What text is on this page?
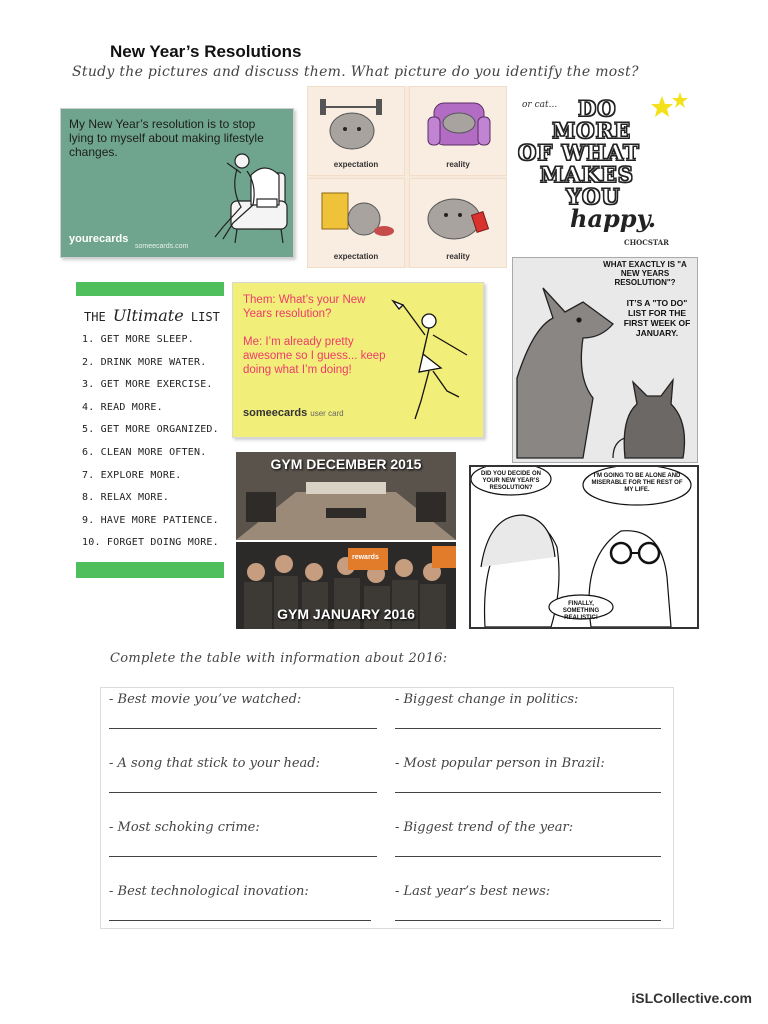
New Year’s Resolutions
Study the pictures and discuss them. What picture do you identify the most?
My New Year’s resolution is to stop lying to myself about making lifestyle changes.
yourecards
someecards.com
expectation	reality
expectation	reality
or cat... DO
MORE
OF WHAT
MAKES
YOU
happy.
CHOCSTAR
THE Ultimate LIST
1. GET MORE SLEEP.
2. DRINK MORE WATER.
3. GET MORE EXERCISE.
4. READ MORE.
5. GET MORE ORGANIZED.
6. CLEAN MORE OFTEN.
7. EXPLORE MORE.
8. RELAX MORE.
9. HAVE MORE PATIENCE.
10. FORGET DOING MORE.
Them: What’s your New Years resolution?
Me: I’m already pretty awesome so I guess... keep doing what I’m doing!
someecards user card
WHAT EXACTLY IS "A NEW YEARS RESOLUTION"?
IT’S A "TO DO" LIST FOR THE FIRST WEEK OF JANUARY.
GYM DECEMBER 2015
rewards
GYM JANUARY 2016
DID YOU DECIDE ON YOUR NEW YEAR’S RESOLUTION?
I’M GOING TO BE ALONE AND MISERABLE FOR THE REST OF MY LIFE.
FINALLY, SOMETHING REALISTIC!
Complete the table with information about 2016:
- Best movie you’ve watched:	- Biggest change in politics:
- A song that stick to your head:	- Most popular person in Brazil:
- Most schoking crime:	- Biggest trend of the year:
- Best technological inovation:	- Last year’s best news:
iSLCollective.com
